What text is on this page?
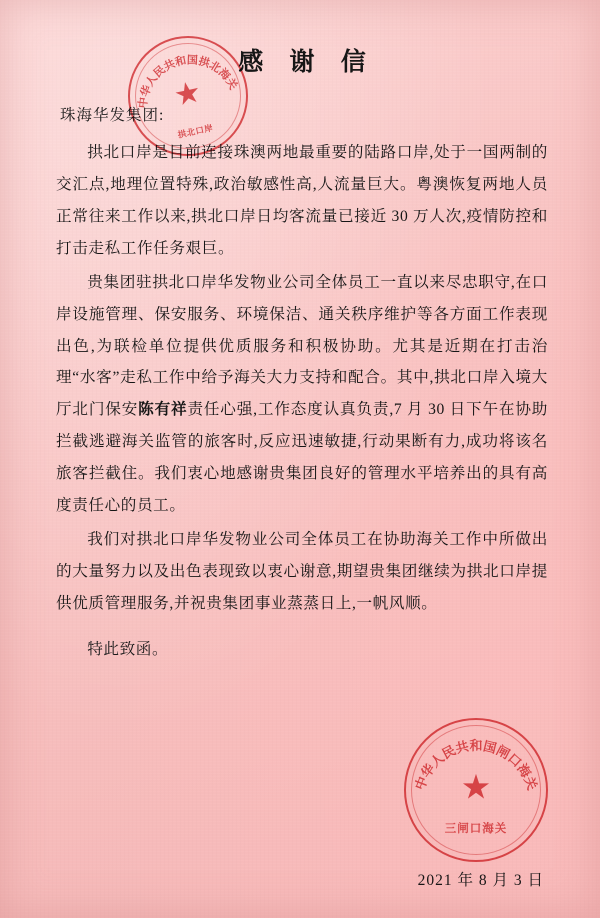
感 谢 信
珠海华发集团:

拱北口岸是目前连接珠澳两地最重要的陆路口岸,处于一国两制的交汇点,地理位置特殊,政治敏感性高,人流量巨大。粤澳恢复两地人员正常往来工作以来,拱北口岸日均客流量已接近 30 万人次,疫情防控和打击走私工作任务艰巨。

贵集团驻拱北口岸华发物业公司全体员工一直以来尽忠职守,在口岸设施管理、保安服务、环境保洁、通关秩序维护等各方面工作表现出色,为联检单位提供优质服务和积极协助。尤其是近期在打击治理“水客”走私工作中给予海关大力支持和配合。其中,拱北口岸入境大厅北门保安陈有祥责任心强,工作态度认真负责,7 月 30 日下午在协助拦截逃避海关监管的旅客时,反应迅速敏捷,行动果断有力,成功将该名旅客拦截住。我们衷心地感谢贵集团良好的管理水平培养出的具有高度责任心的员工。

我们对拱北口岸华发物业公司全体员工在协助海关工作中所做出的大量努力以及出色表现致以衷心谢意,期望贵集团继续为拱北口岸提供优质管理服务,并祝贵集团事业蒸蒸日上,一帆风顺。

特此致函。

中华人民共和国拱北海关
★
拱北口岸
中华人民共和国闸口海关
★
三闸口海关
2021 年 8 月 3 日
